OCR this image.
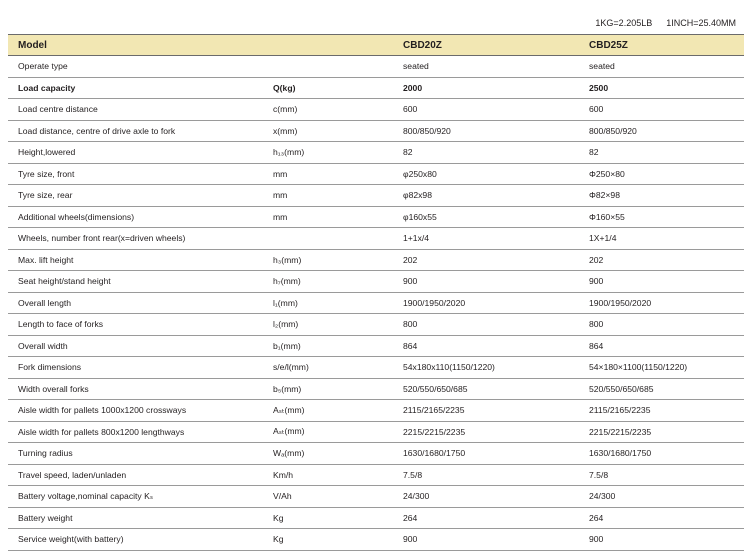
1KG=2.205LB 1INCH=25.40MM
Model		CBD20Z	CBD25Z
Operate type		seated	seated
Load capacity	Q(kg)	2000	2500
Load centre distance	c(mm)	600	600
Load distance, centre of drive axle to fork	x(mm)	800/850/920	800/850/920
Height,lowered	h₁₃(mm)	82	82
Tyre size, front	mm	φ250x80	Φ250×80
Tyre size, rear	mm	φ82x98	Φ82×98
Additional wheels(dimensions)	mm	φ160x55	Φ160×55
Wheels, number front rear(x=driven wheels)		1+1x/4	1X+1/4
Max. lift height	h₃(mm)	202	202
Seat height/stand height	h₇(mm)	900	900
Overall length	l₁(mm)	1900/1950/2020	1900/1950/2020
Length to face of forks	l₂(mm)	800	800
Overall width	b₁(mm)	864	864
Fork dimensions	s/e/l(mm)	54x180x110(1150/1220)	54×180×1100(1150/1220)
Width overall forks	b₅(mm)	520/550/650/685	520/550/650/685
Aisle width for pallets 1000x1200 crossways	Aₛₜ(mm)	2115/2165/2235	2115/2165/2235
Aisle width for pallets 800x1200 lengthways	Aₛₜ(mm)	2215/2215/2235	2215/2215/2235
Turning radius	Wₐ(mm)	1630/1680/1750	1630/1680/1750
Travel speed, laden/unladen	Km/h	7.5/8	7.5/8
Battery voltage,nominal capacity Kₛ	V/Ah	24/300	24/300
Battery weight	Kg	264	264
Service weight(with battery)	Kg	900	900
